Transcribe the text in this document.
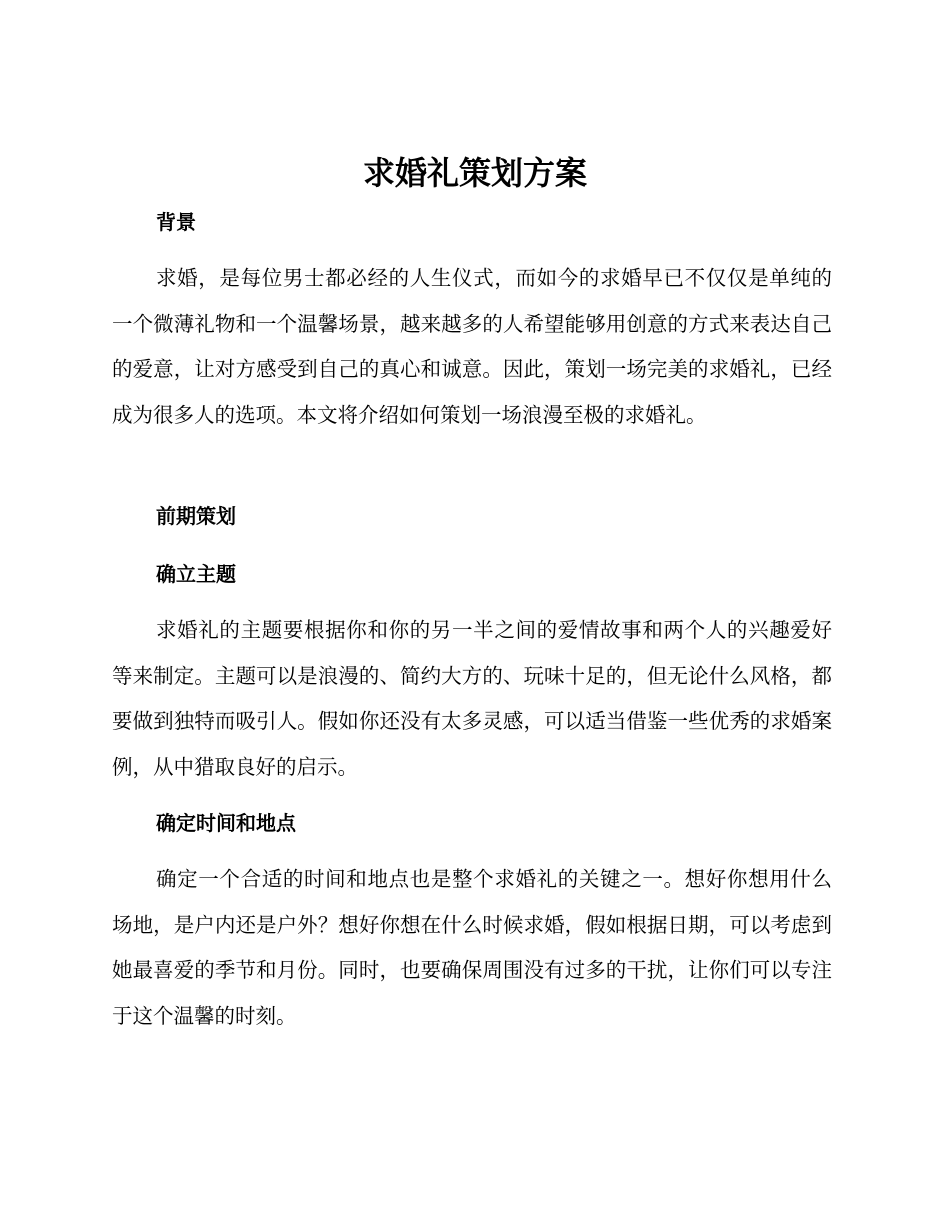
求婚礼策划方案
背景

求婚，是每位男士都必经的人生仪式，而如今的求婚早已不仅仅是单纯的一个微薄礼物和一个温馨场景，越来越多的人希望能够用创意的方式来表达自己的爱意，让对方感受到自己的真心和诚意。因此，策划一场完美的求婚礼，已经成为很多人的选项。本文将介绍如何策划一场浪漫至极的求婚礼。

前期策划
确立主题

求婚礼的主题要根据你和你的另一半之间的爱情故事和两个人的兴趣爱好等来制定。主题可以是浪漫的、简约大方的、玩味十足的，但无论什么风格，都要做到独特而吸引人。假如你还没有太多灵感，可以适当借鉴一些优秀的求婚案例，从中猎取良好的启示。

确定时间和地点

确定一个合适的时间和地点也是整个求婚礼的关键之一。想好你想用什么场地，是户内还是户外？想好你想在什么时候求婚，假如根据日期，可以考虑到她最喜爱的季节和月份。同时，也要确保周围没有过多的干扰，让你们可以专注于这个温馨的时刻。
